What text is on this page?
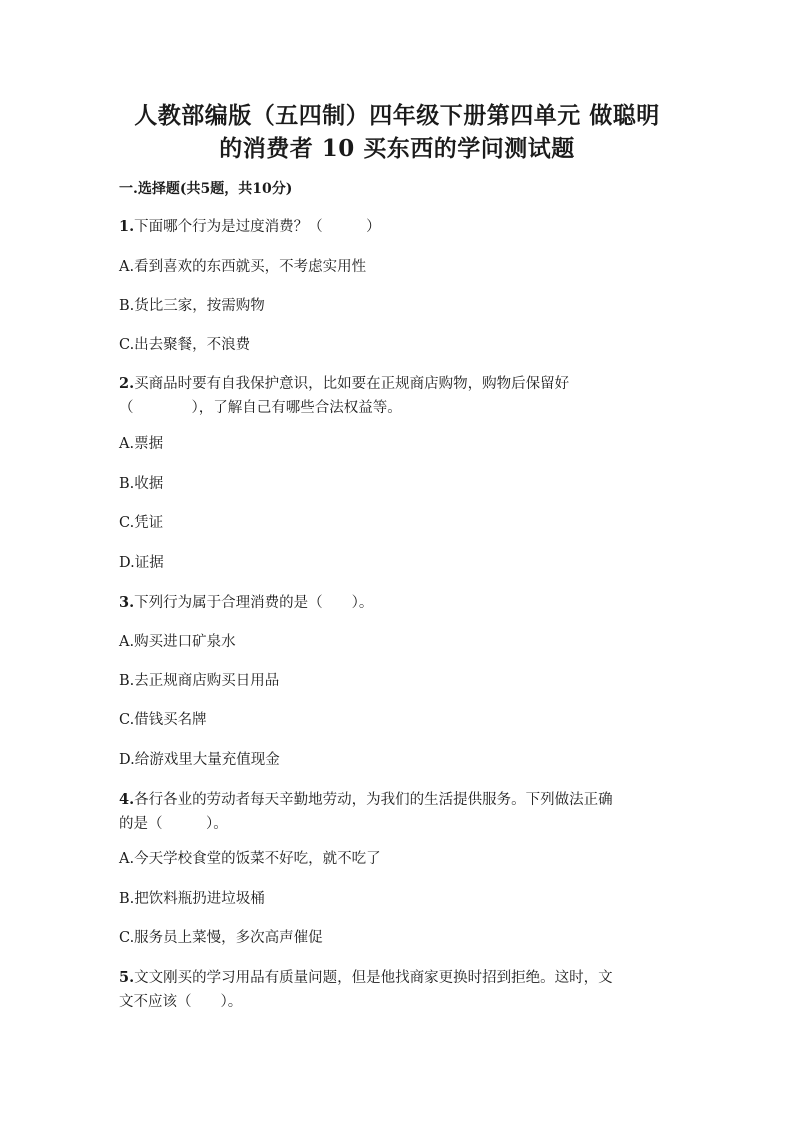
人教部编版（五四制）四年级下册第四单元 做聪明
的消费者 10 买东西的学问测试题
一.选择题(共5题，共10分)
1.下面哪个行为是过度消费？（　　　）
A.看到喜欢的东西就买，不考虑实用性
B.货比三家，按需购物
C.出去聚餐，不浪费
2.买商品时要有自我保护意识，比如要在正规商店购物，购物后保留好
（　　　　），了解自己有哪些合法权益等。
A.票据
B.收据
C.凭证
D.证据
3.下列行为属于合理消费的是（　　）。
A.购买进口矿泉水
B.去正规商店购买日用品
C.借钱买名牌
D.给游戏里大量充值现金
4.各行各业的劳动者每天辛勤地劳动，为我们的生活提供服务。下列做法正确
的是（　　　）。
A.今天学校食堂的饭菜不好吃，就不吃了
B.把饮料瓶扔进垃圾桶
C.服务员上菜慢，多次高声催促
5.文文刚买的学习用品有质量问题，但是他找商家更换时招到拒绝。这时，文
文不应该（　　）。
